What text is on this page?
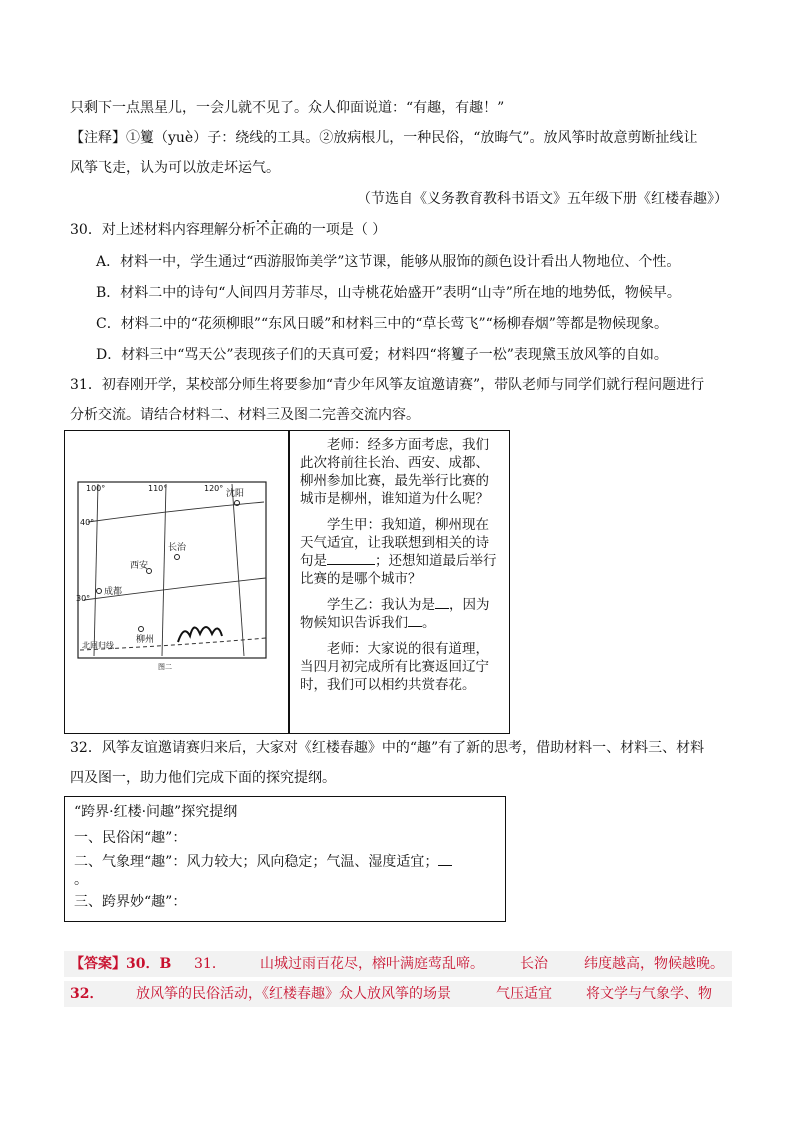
只剩下一点黑星儿，一会儿就不见了。众人仰面说道：“有趣，有趣！”
【注释】①籰（yuè）子：绕线的工具。②放病根儿，一种民俗，“放晦气”。放风筝时故意剪断扯线让
风筝飞走，认为可以放走坏运气。
（节选自《义务教育教科书语文》五年级下册《红楼春趣》）
30．对上述材料内容理解分析不正确 • • •的一项是（ ）
A．材料一中，学生通过“西游服饰美学”这节课，能够从服饰的颜色设计看出人物地位、个性。
B．材料二中的诗句“人间四月芳菲尽，山寺桃花始盛开”表明“山寺”所在地的地势低，物候早。
C．材料二中的“花须柳眼”“东风日暖”和材料三中的“草长莺飞”“杨柳春烟”等都是物候现象。
D．材料三中“骂天公”表现孩子们的天真可爱；材料四“将籰子一松”表现黛玉放风筝的自如。
31．初春刚开学，某校部分师生将要参加“青少年风筝友谊邀请赛”，带队老师与同学们就行程问题进行
分析交流。请结合材料二、材料三及图二完善交流内容。
100°	110°	120°
40°
30°
沈阳
长治
西安
成都
柳州
北回归线
图二

老师：经多方面考虑，我们此次将前往长治、西安、成都、柳州参加比赛，最先举行比赛的城市是柳州，谁知道为什么呢？

学生甲：我知道，柳州现在天气适宜，让我联想到相关的诗句是	；还想知道最后举行比赛的是哪个城市？

学生乙：我认为是 ，因为物候知识告诉我们 。

老师：大家说的很有道理，当四月初完成所有比赛返回辽宁时，我们可以相约共赏春花。

32．风筝友谊邀请赛归来后，大家对《红楼春趣》中的“趣”有了新的思考，借助材料一、材料三、材料
四及图一，助力他们完成下面的探究提纲。
“跨界·红楼·问趣”探究提纲
一、民俗闲“趣”：
二、气象理“趣”：风力较大；风向稳定；气温、湿度适宜；
。
三、跨界妙“趣”：
【答案】30．B 31． 山城过雨百花尽，榕叶满庭莺乱啼。	长治	纬度越高，物候越晚。
32． 放风筝的民俗活动，《红楼春趣》众人放风筝的场景	气压适宜 将文学与气象学、物
